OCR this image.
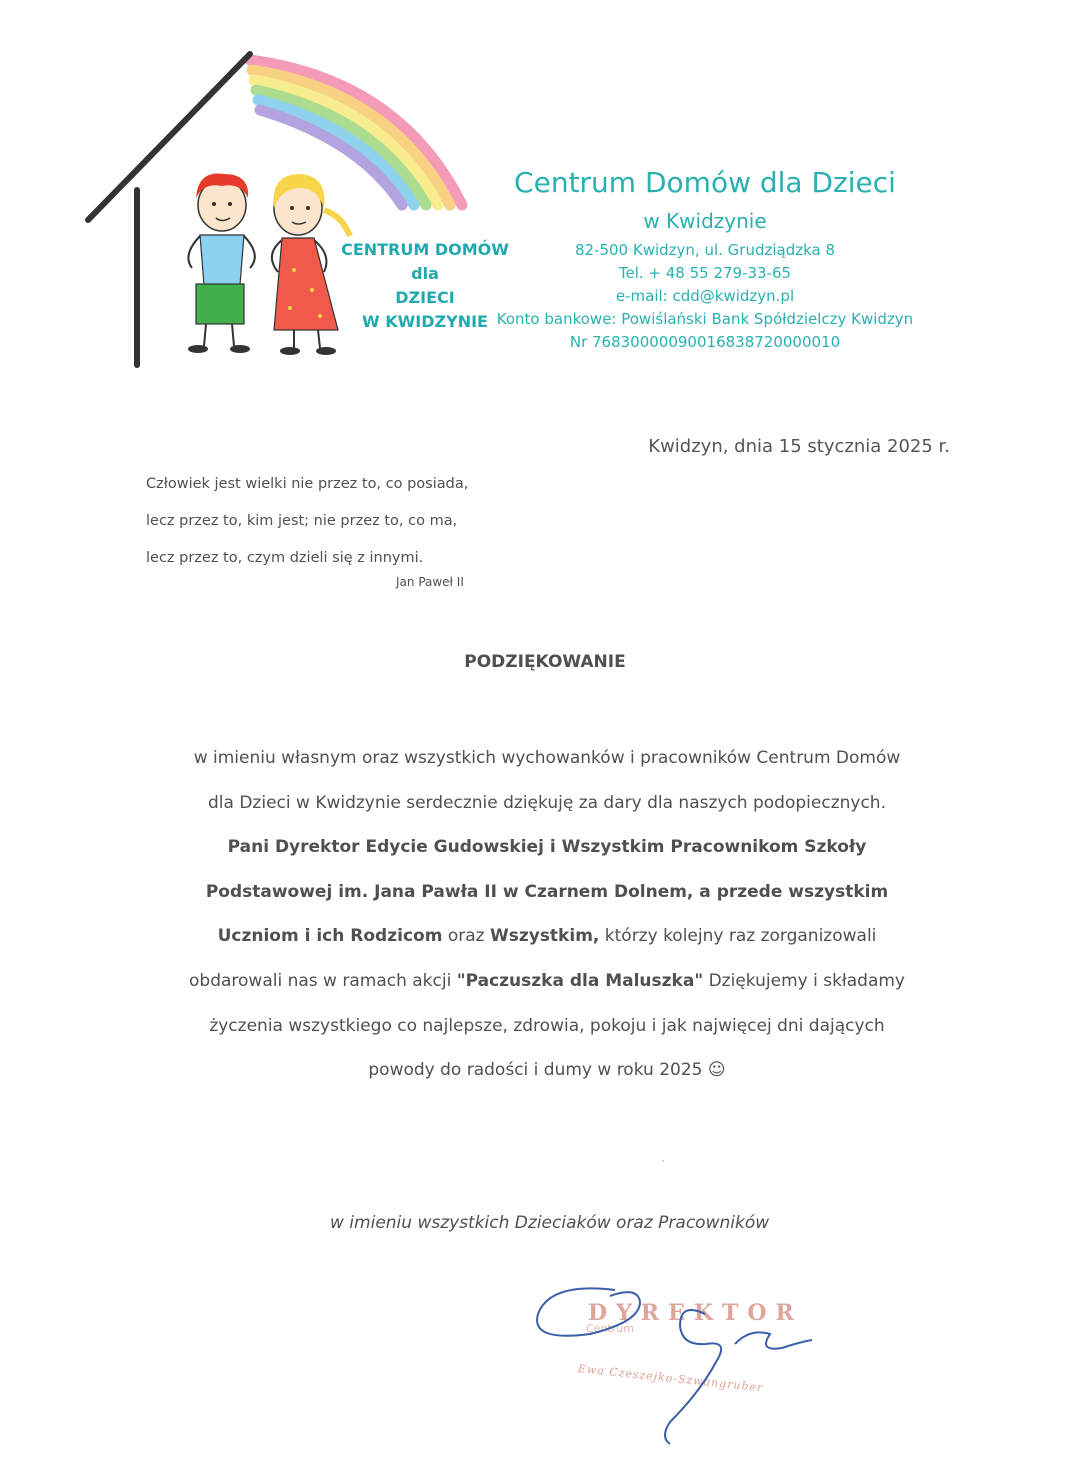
CENTRUM DOMÓW
dla
DZIECI
W KWIDZYNIE
Centrum Domów dla Dzieci
w Kwidzynie
82-500 Kwidzyn, ul. Grudziądzka 8
Tel. + 48 55 279-33-65
e-mail: cdd@kwidzyn.pl
Konto bankowe: Powiślański Bank Spółdzielczy Kwidzyn
Nr 76830000090016838720000010
Kwidzyn, dnia 15 stycznia 2025 r.
Człowiek jest wielki nie przez to, co posiada,
lecz przez to, kim jest; nie przez to, co ma,
lecz przez to, czym dzieli się z innymi.
Jan Paweł II
PODZIĘKOWANIE
w imieniu własnym oraz wszystkich wychowanków i pracowników Centrum Domów
dla Dzieci w Kwidzynie serdecznie dziękuję za dary dla naszych podopiecznych.
Pani Dyrektor Edycie Gudowskiej i Wszystkim Pracownikom Szkoły
Podstawowej im. Jana Pawła II w Czarnem Dolnem, a przede wszystkim
Uczniom i ich Rodzicom oraz Wszystkim, którzy kolejny raz zorganizowali
obdarowali nas w ramach akcji "Paczuszka dla Maluszka" Dziękujemy i składamy
życzenia wszystkiego co najlepsze, zdrowia, pokoju i jak najwięcej dni dających
powody do radości i dumy w roku 2025 ☺
w imieniu wszystkich Dzieciaków oraz Pracowników
DYREKTOR
Centrum
Ewa Czeszejko-Szwangruber
